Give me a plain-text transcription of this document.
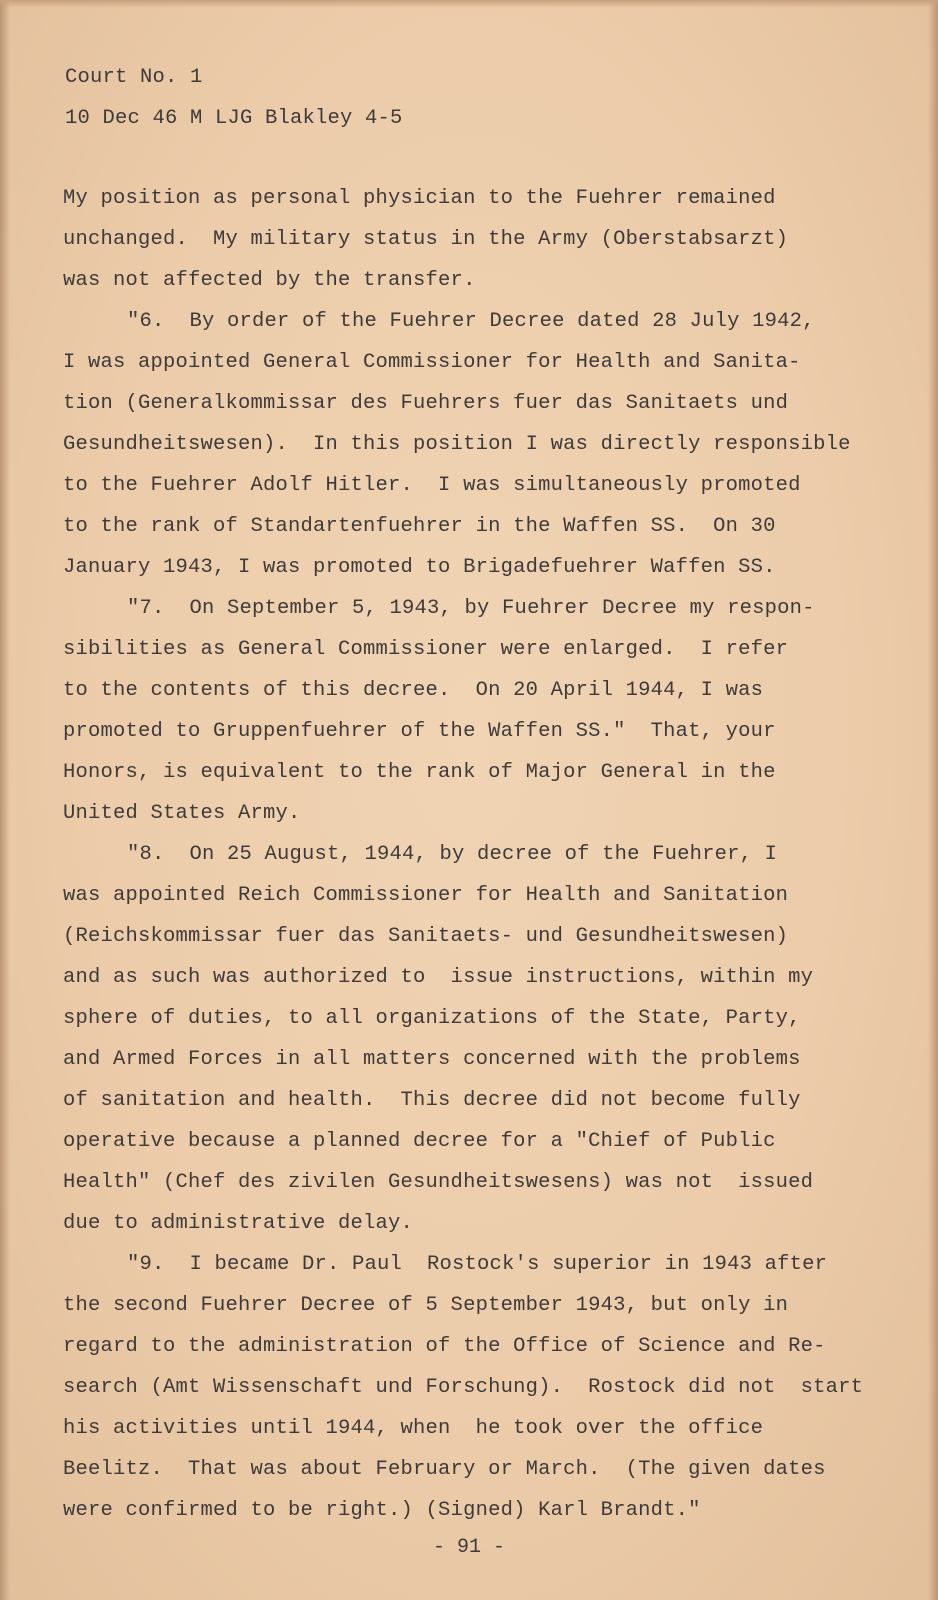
Court No. 1
10 Dec 46 M LJG Blakley 4-5
My position as personal physician to the Fuehrer remained
unchanged.  My military status in the Army (Oberstabsarzt)
was not affected by the transfer.
"6.  By order of the Fuehrer Decree dated 28 July 1942,
I was appointed General Commissioner for Health and Sanita-
tion (Generalkommissar des Fuehrers fuer das Sanitaets und
Gesundheitswesen).  In this position I was directly responsible
to the Fuehrer Adolf Hitler.  I was simultaneously promoted
to the rank of Standartenfuehrer in the Waffen SS.  On 30
January 1943, I was promoted to Brigadefuehrer Waffen SS.
"7.  On September 5, 1943, by Fuehrer Decree my respon-
sibilities as General Commissioner were enlarged.  I refer
to the contents of this decree.  On 20 April 1944, I was
promoted to Gruppenfuehrer of the Waffen SS."  That, your
Honors, is equivalent to the rank of Major General in the
United States Army.
"8.  On 25 August, 1944, by decree of the Fuehrer, I
was appointed Reich Commissioner for Health and Sanitation
(Reichskommissar fuer das Sanitaets- und Gesundheitswesen)
and as such was authorized to  issue instructions, within my
sphere of duties, to all organizations of the State, Party,
and Armed Forces in all matters concerned with the problems
of sanitation and health.  This decree did not become fully
operative because a planned decree for a "Chief of Public
Health" (Chef des zivilen Gesundheitswesens) was not  issued
due to administrative delay.
"9.  I became Dr. Paul  Rostock's superior in 1943 after
the second Fuehrer Decree of 5 September 1943, but only in
regard to the administration of the Office of Science and Re-
search (Amt Wissenschaft und Forschung).  Rostock did not  start
his activities until 1944, when  he took over the office
Beelitz.  That was about February or March.  (The given dates
were confirmed to be right.) (Signed) Karl Brandt."
- 91 -
